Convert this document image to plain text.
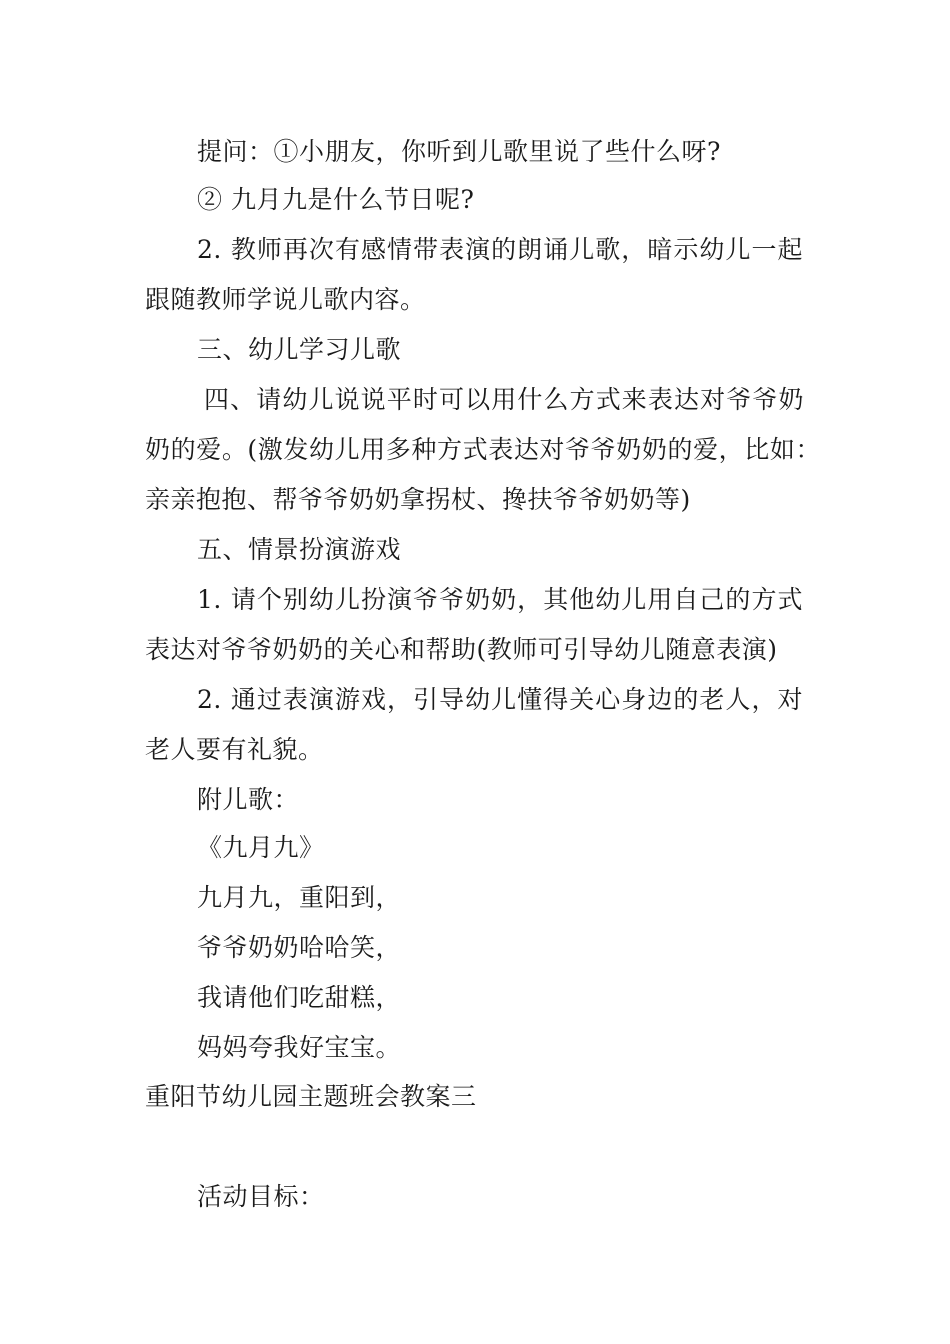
提问：①小朋友，你听到儿歌里说了些什么呀?
② 九月九是什么节日呢?
2. 教师再次有感情带表演的朗诵儿歌，暗示幼儿一起
跟随教师学说儿歌内容。
三、幼儿学习儿歌
四、请幼儿说说平时可以用什么方式来表达对爷爷奶
奶的爱。(激发幼儿用多种方式表达对爷爷奶奶的爱，比如：
亲亲抱抱、帮爷爷奶奶拿拐杖、搀扶爷爷奶奶等)
五、情景扮演游戏
1. 请个别幼儿扮演爷爷奶奶，其他幼儿用自己的方式
表达对爷爷奶奶的关心和帮助(教师可引导幼儿随意表演)
2. 通过表演游戏，引导幼儿懂得关心身边的老人，对
老人要有礼貌。
附儿歌：
《九月九》
九月九，重阳到，
爷爷奶奶哈哈笑，
我请他们吃甜糕，
妈妈夸我好宝宝。
重阳节幼儿园主题班会教案三
活动目标：
